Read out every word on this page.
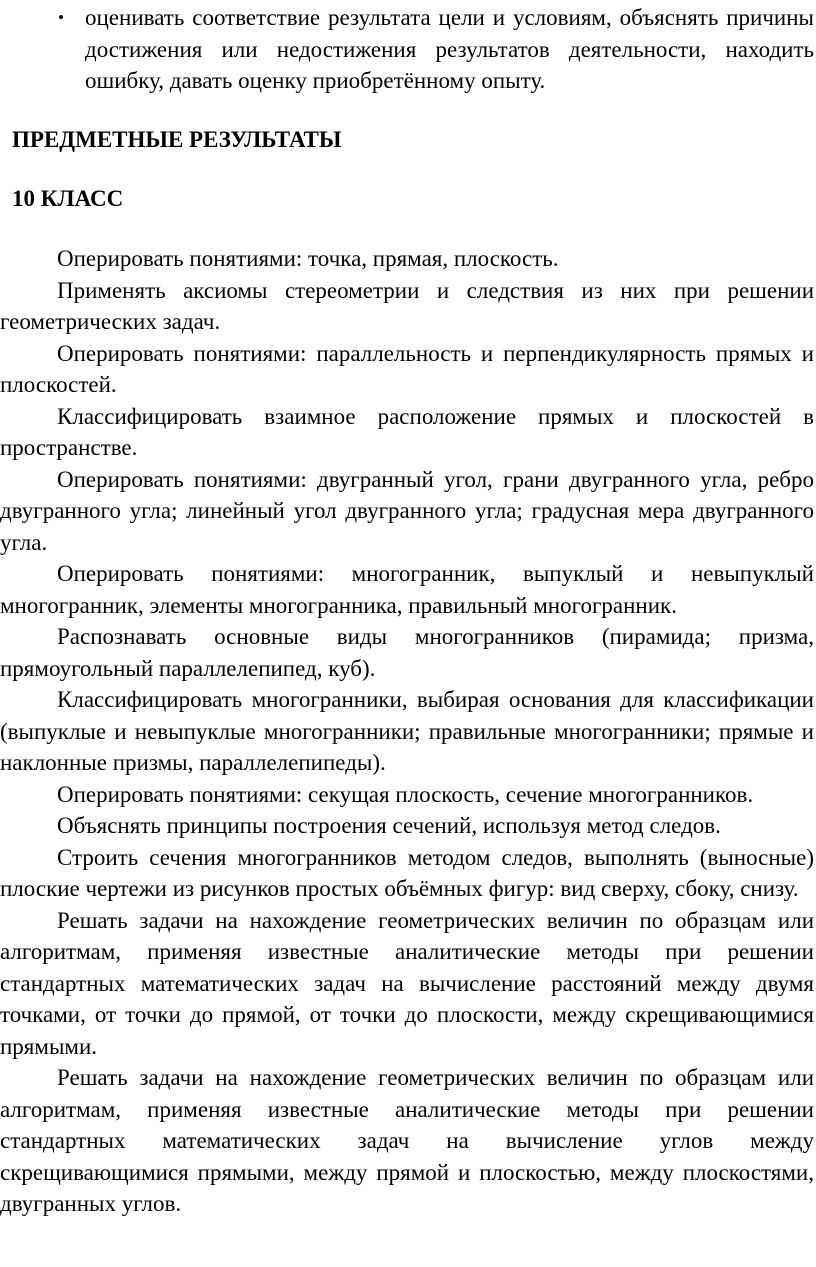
• оценивать соответствие результата цели и условиям, объяснять причины достижения или недостижения результатов деятельности, находить ошибку, давать оценку приобретённому опыту.
ПРЕДМЕТНЫЕ РЕЗУЛЬТАТЫ
10 КЛАСС

Оперировать понятиями: точка, прямая, плоскость.

Применять аксиомы стереометрии и следствия из них при решении геометрических задач.

Оперировать понятиями: параллельность и перпендикулярность прямых и плоскостей.

Классифицировать взаимное расположение прямых и плоскостей в пространстве.

Оперировать понятиями: двугранный угол, грани двугранного угла, ребро двугранного угла; линейный угол двугранного угла; градусная мера двугранного угла.

Оперировать понятиями: многогранник, выпуклый и невыпуклый многогранник, элементы многогранника, правильный многогранник.

Распознавать основные виды многогранников (пирамида; призма, прямоугольный параллелепипед, куб).

Классифицировать многогранники, выбирая основания для классификации (выпуклые и невыпуклые многогранники; правильные многогранники; прямые и наклонные призмы, параллелепипеды).

Оперировать понятиями: секущая плоскость, сечение многогранников.

Объяснять принципы построения сечений, используя метод следов.

Строить сечения многогранников методом следов, выполнять (выносные) плоские чертежи из рисунков простых объёмных фигур: вид сверху, сбоку, снизу.

Решать задачи на нахождение геометрических величин по образцам или алгоритмам, применяя известные аналитические методы при решении стандартных математических задач на вычисление расстояний между двумя точками, от точки до прямой, от точки до плоскости, между скрещивающимися прямыми.

Решать задачи на нахождение геометрических величин по образцам или алгоритмам, применяя известные аналитические методы при решении стандартных математических задач на вычисление углов между скрещивающимися прямыми, между прямой и плоскостью, между плоскостями, двугранных углов.
